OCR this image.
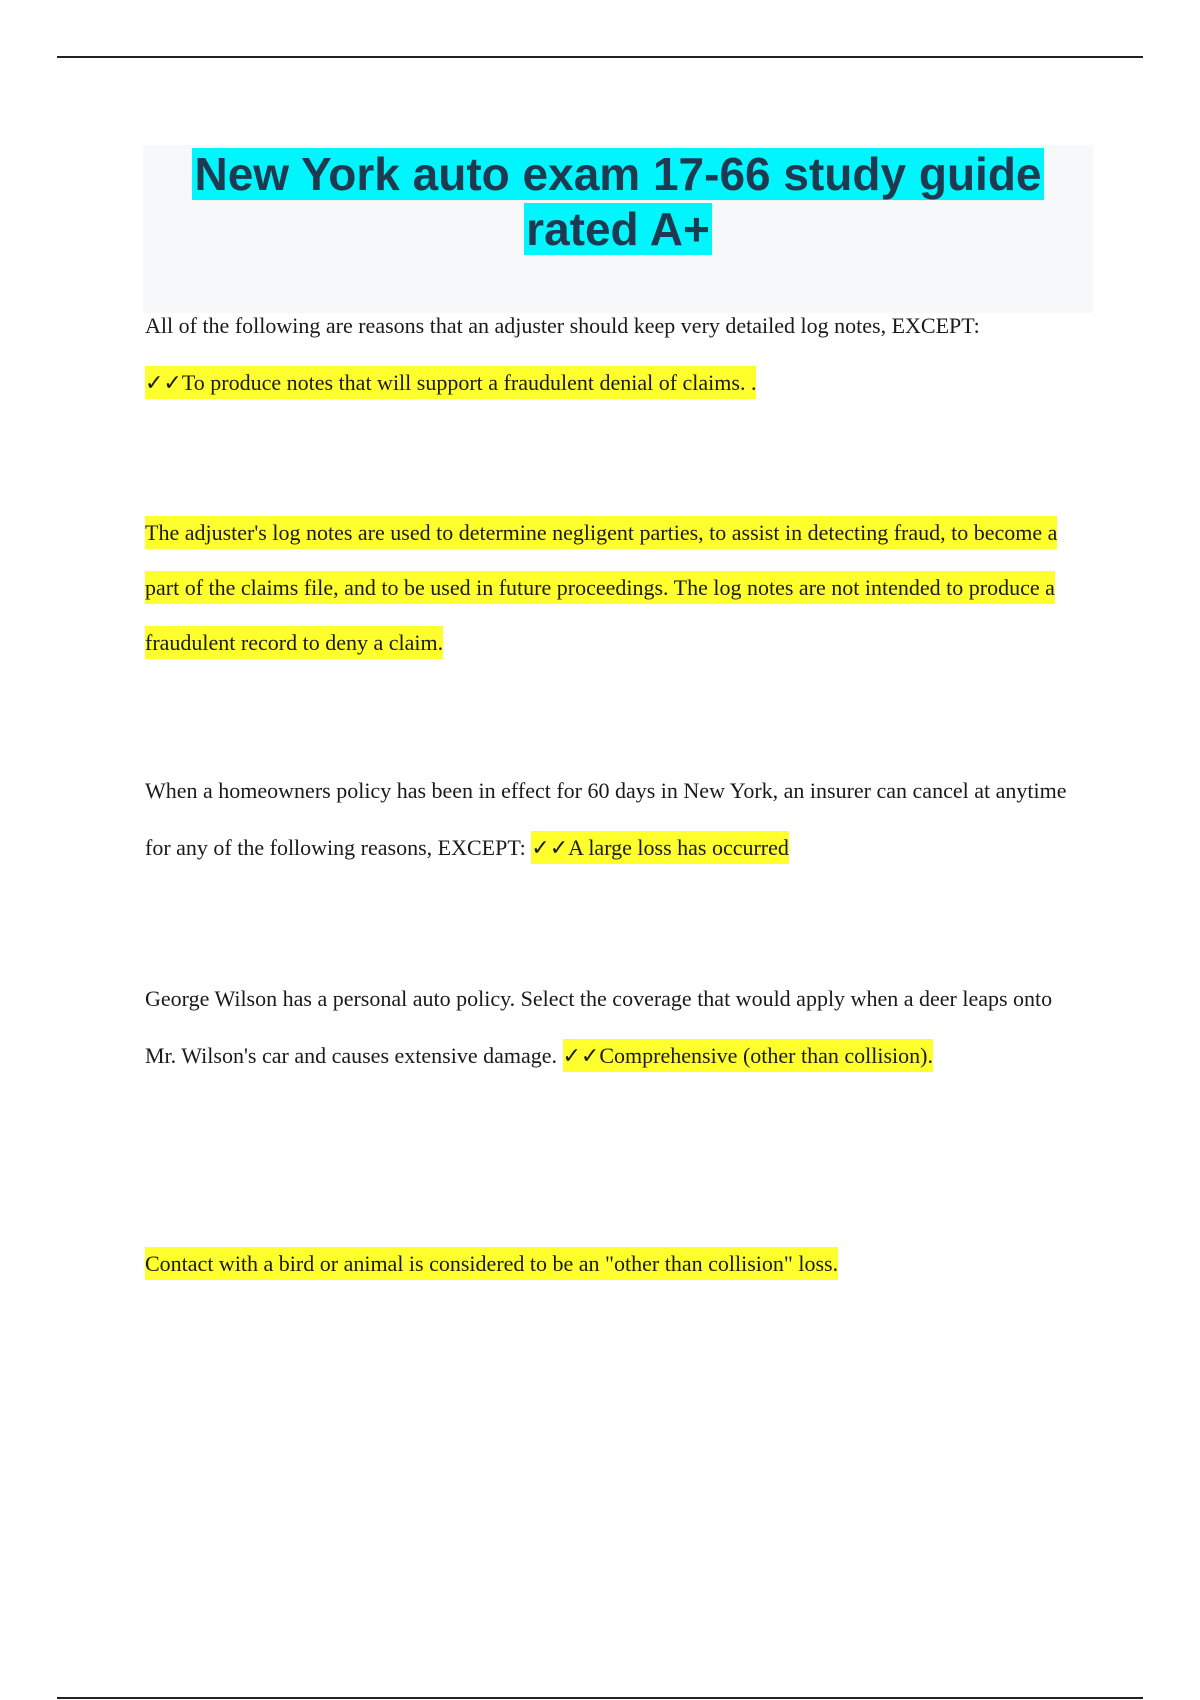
New York auto exam 17-66 study guide rated A+

All of the following are reasons that an adjuster should keep very detailed log notes, EXCEPT:
✓✓To produce notes that will support a fraudulent denial of claims. .

The adjuster's log notes are used to determine negligent parties, to assist in detecting fraud, to become a part of the claims file, and to be used in future proceedings. The log notes are not intended to produce a fraudulent record to deny a claim.

When a homeowners policy has been in effect for 60 days in New York, an insurer can cancel at anytime for any of the following reasons, EXCEPT: ✓✓A large loss has occurred

George Wilson has a personal auto policy. Select the coverage that would apply when a deer leaps onto Mr. Wilson's car and causes extensive damage. ✓✓Comprehensive (other than collision).

Contact with a bird or animal is considered to be an "other than collision" loss.
